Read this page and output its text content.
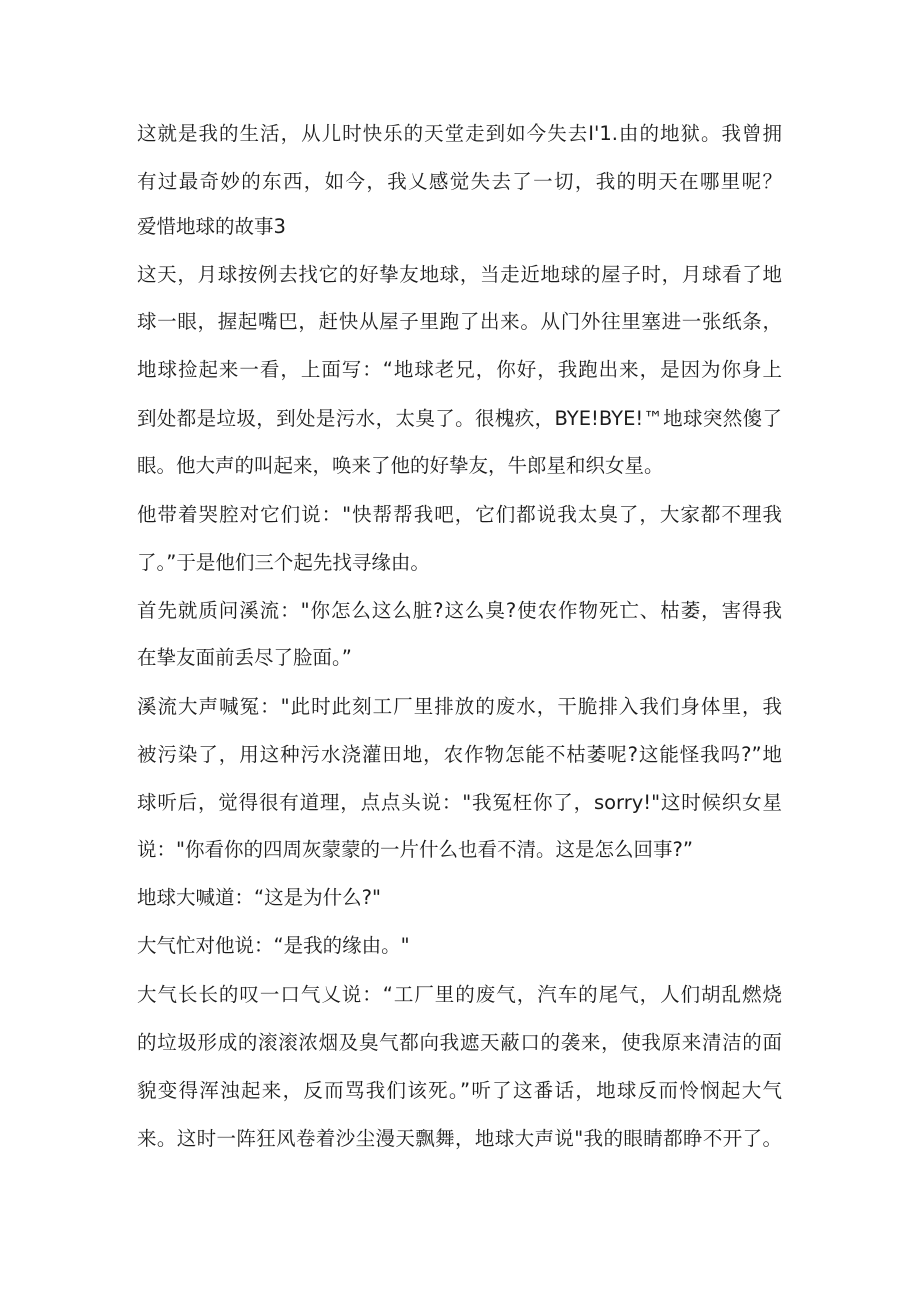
这就是我的生活，从儿时快乐的天堂走到如今失去I'1.由的地狱。我曾拥

有过最奇妙的东西，如今，我乂感觉失去了一切，我的明天在哪里呢？

爱惜地球的故事3

这天，月球按例去找它的好挚友地球，当走近地球的屋子时，月球看了地

球一眼，握起嘴巴，赶快从屋子里跑了出来。从门外往里塞进一张纸条，

地球捡起来一看，上面写：“地球老兄，你好，我跑出来，是因为你身上

到处都是垃圾，到处是污水，太臭了。很槐疚，BYE!BYE!™地球突然傻了

眼。他大声的叫起来，唤来了他的好挚友，牛郎星和织女星。

他带着哭腔对它们说："快帮帮我吧，它们都说我太臭了，大家都不理我

了。”于是他们三个起先找寻缘由。

首先就质问溪流："你怎么这么脏?这么臭?使农作物死亡、枯萎，害得我

在挚友面前丢尽了脸面。”

溪流大声喊冤："此时此刻工厂里排放的废水，干脆排入我们身体里，我

被污染了，用这种污水浇灌田地，农作物怎能不枯萎呢?这能怪我吗?”地

球听后，觉得很有道理，点点头说："我冤枉你了，sorry!"这时候织女星

说："你看你的四周灰蒙蒙的一片什么也看不清。这是怎么回事?”

地球大喊道：“这是为什么?"

大气忙对他说：“是我的缘由。"

大气长长的叹一口气乂说：“工厂里的废气，汽车的尾气，人们胡乱燃烧

的垃圾形成的滚滚浓烟及臭气都向我遮天蔽口的袭来，使我原来清洁的面

貌变得浑浊起来，反而骂我们该死。”听了这番话，地球反而怜悯起大气

来。这时一阵狂风卷着沙尘漫天飘舞，地球大声说"我的眼睛都睁不开了。
